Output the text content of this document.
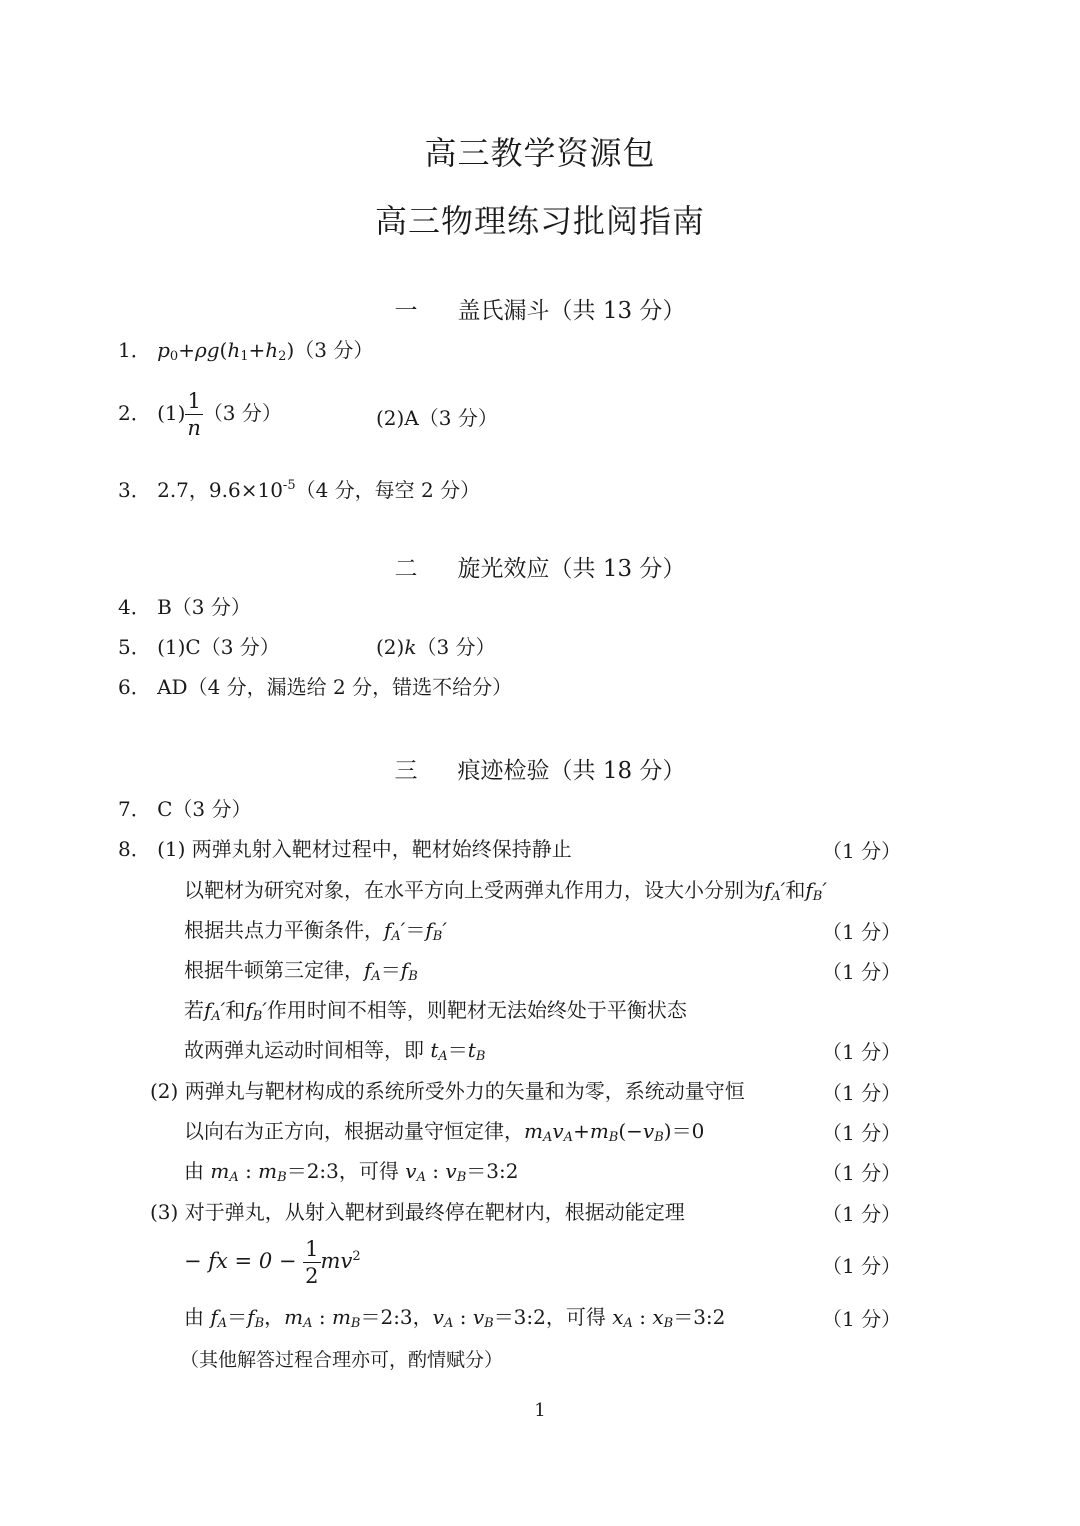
高三教学资源包
高三物理练习批阅指南
一 盖氏漏斗（共 13 分）
1． $p_0+\rho g(h_1+h_2)(3$ 分）
2． $(1) \frac{1}{n} (3$ 分）	(2)A（3 分）
3． 2.7，$9.6\times 10^{-5}(4$ 分，每空 2 分）
二 旋光效应（共 13 分）
4． B（3 分）
5． (1)C（3 分）	(2)k（3 分）
6． AD（4 分，漏选给 2 分，错选不给分）
三 痕迹检验（共 18 分）
7． C（3 分）
8． (1) 两弹丸射入靶材过程中，靶材始终保持静止	（1 分）
以靶材为研究对象，在水平方向上受两弹丸作用力，设大小分别为$f_A'$和$f_B'$
根据共点力平衡条件，$f_A'=f_B'$	（1 分）
根据牛顿第三定律，$f_A=f_B$	（1 分）
若$f_A'$和$f_B'$作用时间不相等，则靶材无法始终处于平衡状态
故两弹丸运动时间相等，即 $t_A=t_B$	（1 分）
(2) 两弹丸与靶材构成的系统所受外力的矢量和为零，系统动量守恒	（1 分）
以向右为正方向，根据动量守恒定律，$m_Av_A+m_B(-v_B)=0$	（1 分）
由 $m_A$ : $m_B=2:3$，可得 $v_A$ : $v_B=3:2$	（1 分）
(3) 对于弹丸，从射入靶材到最终停在靶材内，根据动能定理	（1 分）
− fx = $0 - \frac{1}{2} mv^2$	（1 分）
由 $f_A=f_B$，$m_A$ : $m_B=2:3$，$v_A$ : $v_B=3:2$，可得 $x_A$ : $x_B=3:2$	（1 分）
（其他解答过程合理亦可，酌情赋分）
1
